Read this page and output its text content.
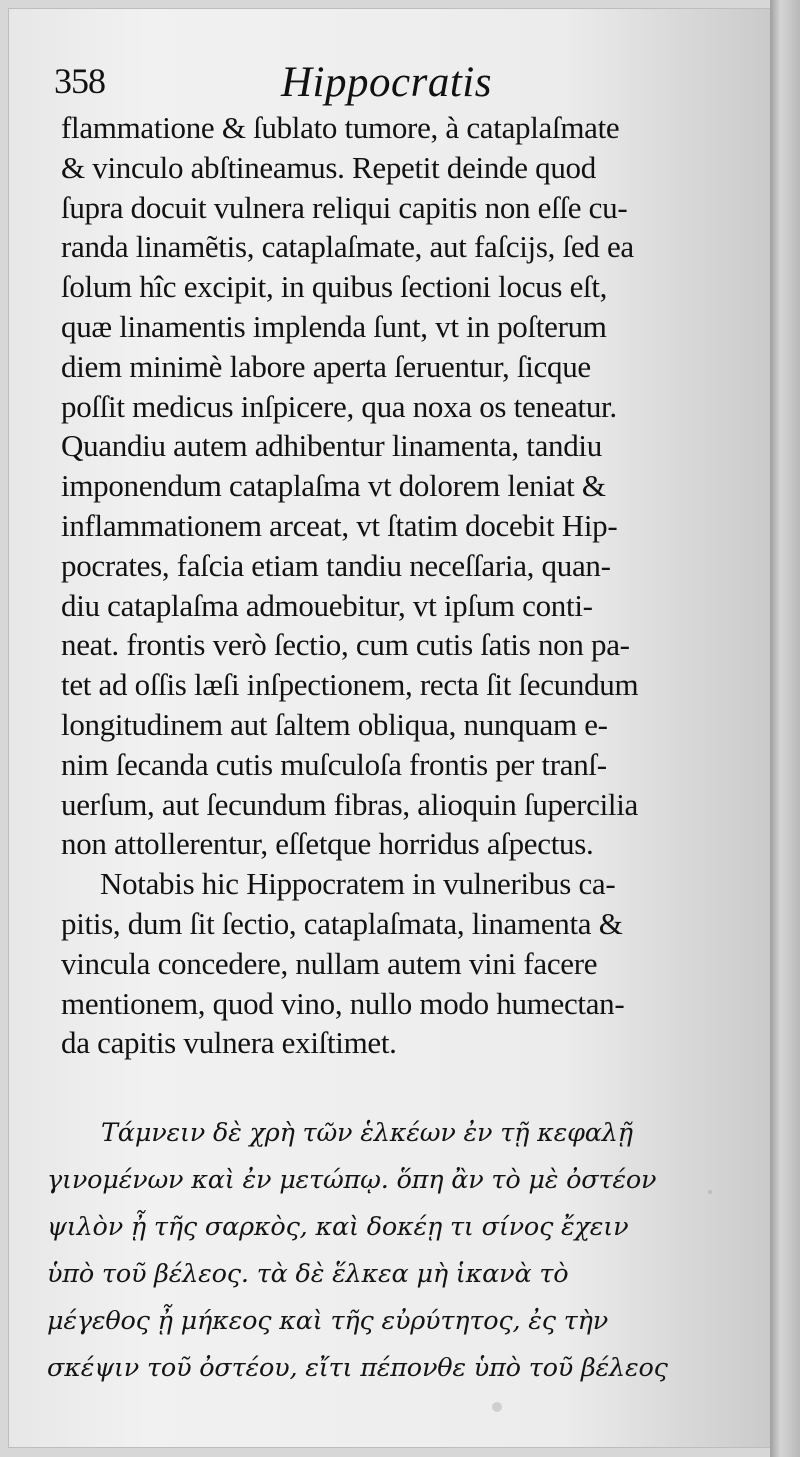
358	Hippocratis
flammatione & ſublato tumore, à cataplaſmate
& vinculo abſtineamus. Repetit deinde quod
ſupra docuit vulnera reliqui capitis non eſſe cu-
randa linamẽtis, cataplaſmate, aut faſcijs, ſed ea
ſolum hîc excipit, in quibus ſectioni locus eſt,
quæ linamentis implenda ſunt, vt in poſterum
diem minimè labore aperta ſeruentur, ſicque
poſſit medicus inſpicere, qua noxa os teneatur.
Quandiu autem adhibentur linamenta, tandiu
imponendum cataplaſma vt dolorem leniat &
inflammationem arceat, vt ſtatim docebit Hip-
pocrates, faſcia etiam tandiu neceſſaria, quan-
diu cataplaſma admouebitur, vt ipſum conti-
neat. frontis verò ſectio, cum cutis ſatis non pa-
tet ad oſſis læſi inſpectionem, recta ſit ſecundum
longitudinem aut ſaltem obliqua, nunquam e-
nim ſecanda cutis muſculoſa frontis per tranſ-
uerſum, aut ſecundum fibras, alioquin ſupercilia
non attollerentur, eſſetque horridus aſpectus.
Notabis hic Hippocratem in vulneribus ca-
pitis, dum ſit ſectio, cataplaſmata, linamenta &
vincula concedere, nullam autem vini facere
mentionem, quod vino, nullo modo humectan-
da capitis vulnera exiſtimet.
Τάμνειν δὲ χρὴ τῶν ἑλκέων ἐν τῇ κεφαλῇ
γινομένων καὶ ἐν μετώπῳ. ὅπη ἂν τὸ μὲ ὀστέον
ψιλὸν ᾖ τῆς σαρκὸς, καὶ δοκέῃ τι σίνος ἔχειν
ὑπὸ τοῦ βέλεος. τὰ δὲ ἕλκεα μὴ ἱκανὰ τὸ
μέγεθος ᾖ μήκεος καὶ τῆς εὐρύτητος, ἐς τὴν
σκέψιν τοῦ ὀστέου, εἴτι πέπονθε ὑπὸ τοῦ βέλεος
